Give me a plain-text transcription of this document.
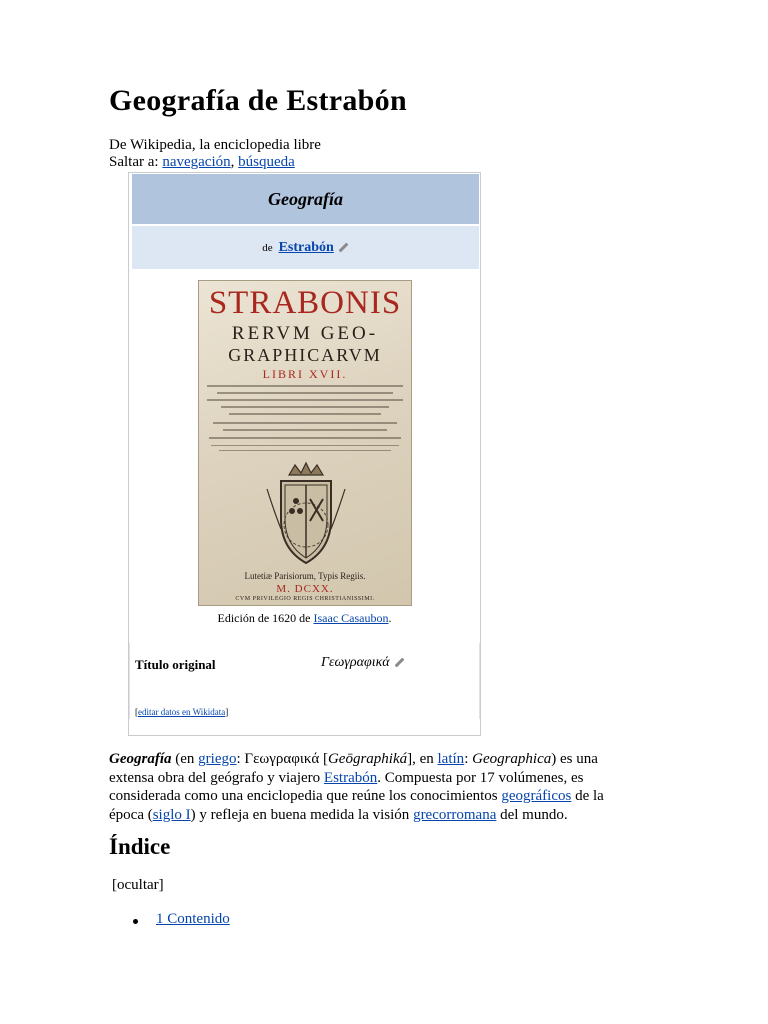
Geografía de Estrabón
De Wikipedia, la enciclopedia libre
Saltar a: navegación, búsqueda
Geografía
de Estrabón
STRABONIS
RERVM GEO-
GRAPHICARVM
LIBRI XVII.
Lutetiæ Parisiorum, Typis Regiis.
M. DCXX.
CVM PRIVILEGIO REGIS CHRISTIANISSIMI.
Edición de 1620 de Isaac Casaubon.
Título original	Γεωγραφικά
[editar datos en Wikidata]

Geografía (en griego: Γεωγραφικά [Geōgraphiká], en latín: Geographica) es una extensa obra del geógrafo y viajero Estrabón. Compuesta por 17 volúmenes, es considerada como una enciclopedia que reúne los conocimientos geográficos de la época (siglo I) y refleja en buena medida la visión grecorromana del mundo.

Índice
[ocultar]
1 Contenido
